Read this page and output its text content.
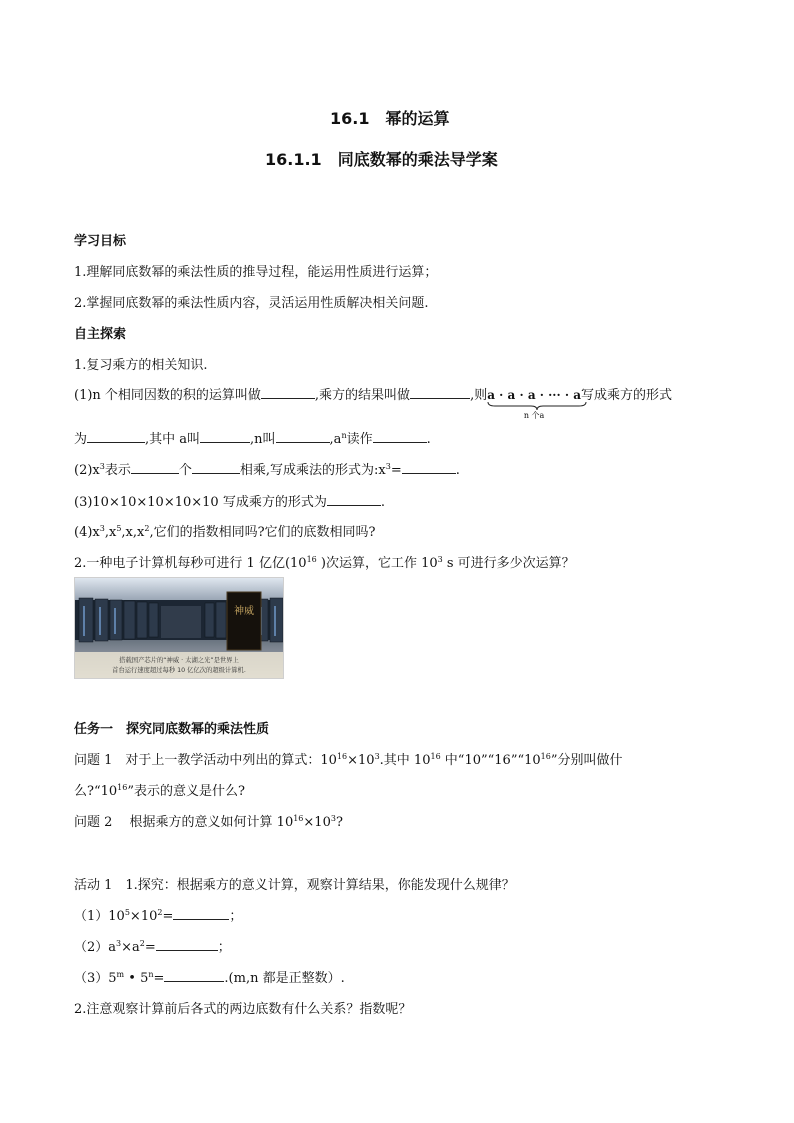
16.1　幂的运算
16.1.1　同底数幂的乘法导学案
学习目标
1.理解同底数幂的乘法性质的推导过程，能运用性质进行运算；
2.掌握同底数幂的乘法性质内容，灵活运用性质解决相关问题.
自主探索
1.复习乘方的相关知识.
(1)n 个相同因数的积的运算叫做	,乘方的结果叫做	,则a · a · a · ··· · a
n 个a
写成乘方的形式
为	,其中 a叫	,n叫	$,a^n$读作	.
$(2)x^3$表示	个	相乘,写成乘法的形式为$:x^3=$	.
(3)10×10×10×10×10 写成乘方的形式为	.
$(4)x^3,x^5,x,x^2$,它们的指数相同吗?它们的底数相同吗?
2.一种电子计算机每秒可进行 1 亿亿($10^{16}$ )次运算，它工作 $10^3$ s 可进行多少次运算？
神威
搭载国产芯片的“神威 · 太湖之光”是世界上
首台运行速度超过每秒 10 亿亿次的超级计算机.
任务一　探究同底数幂的乘法性质
问题 1　对于上一教学活动中列出的算式：$10^{16}\times 10^3$.其中 $10^{16}$ 中“$10”“16”“10^{16}$”分别叫做什
么$?“10^{16}$”表示的意义是什么?
问题 2　 根据乘方的意义如何计算 $10^{16}\times 10^3$?
活动 1　1.探究：根据乘方的意义计算，观察计算结果，你能发现什么规律？
$(1)10^5\times 10^2=$	；
$(2)a^3\times a^2=$	；
（3）5$^m$ • $5^n=$	.(m,n 都是正整数）.
2.注意观察计算前后各式的两边底数有什么关系？指数呢？
